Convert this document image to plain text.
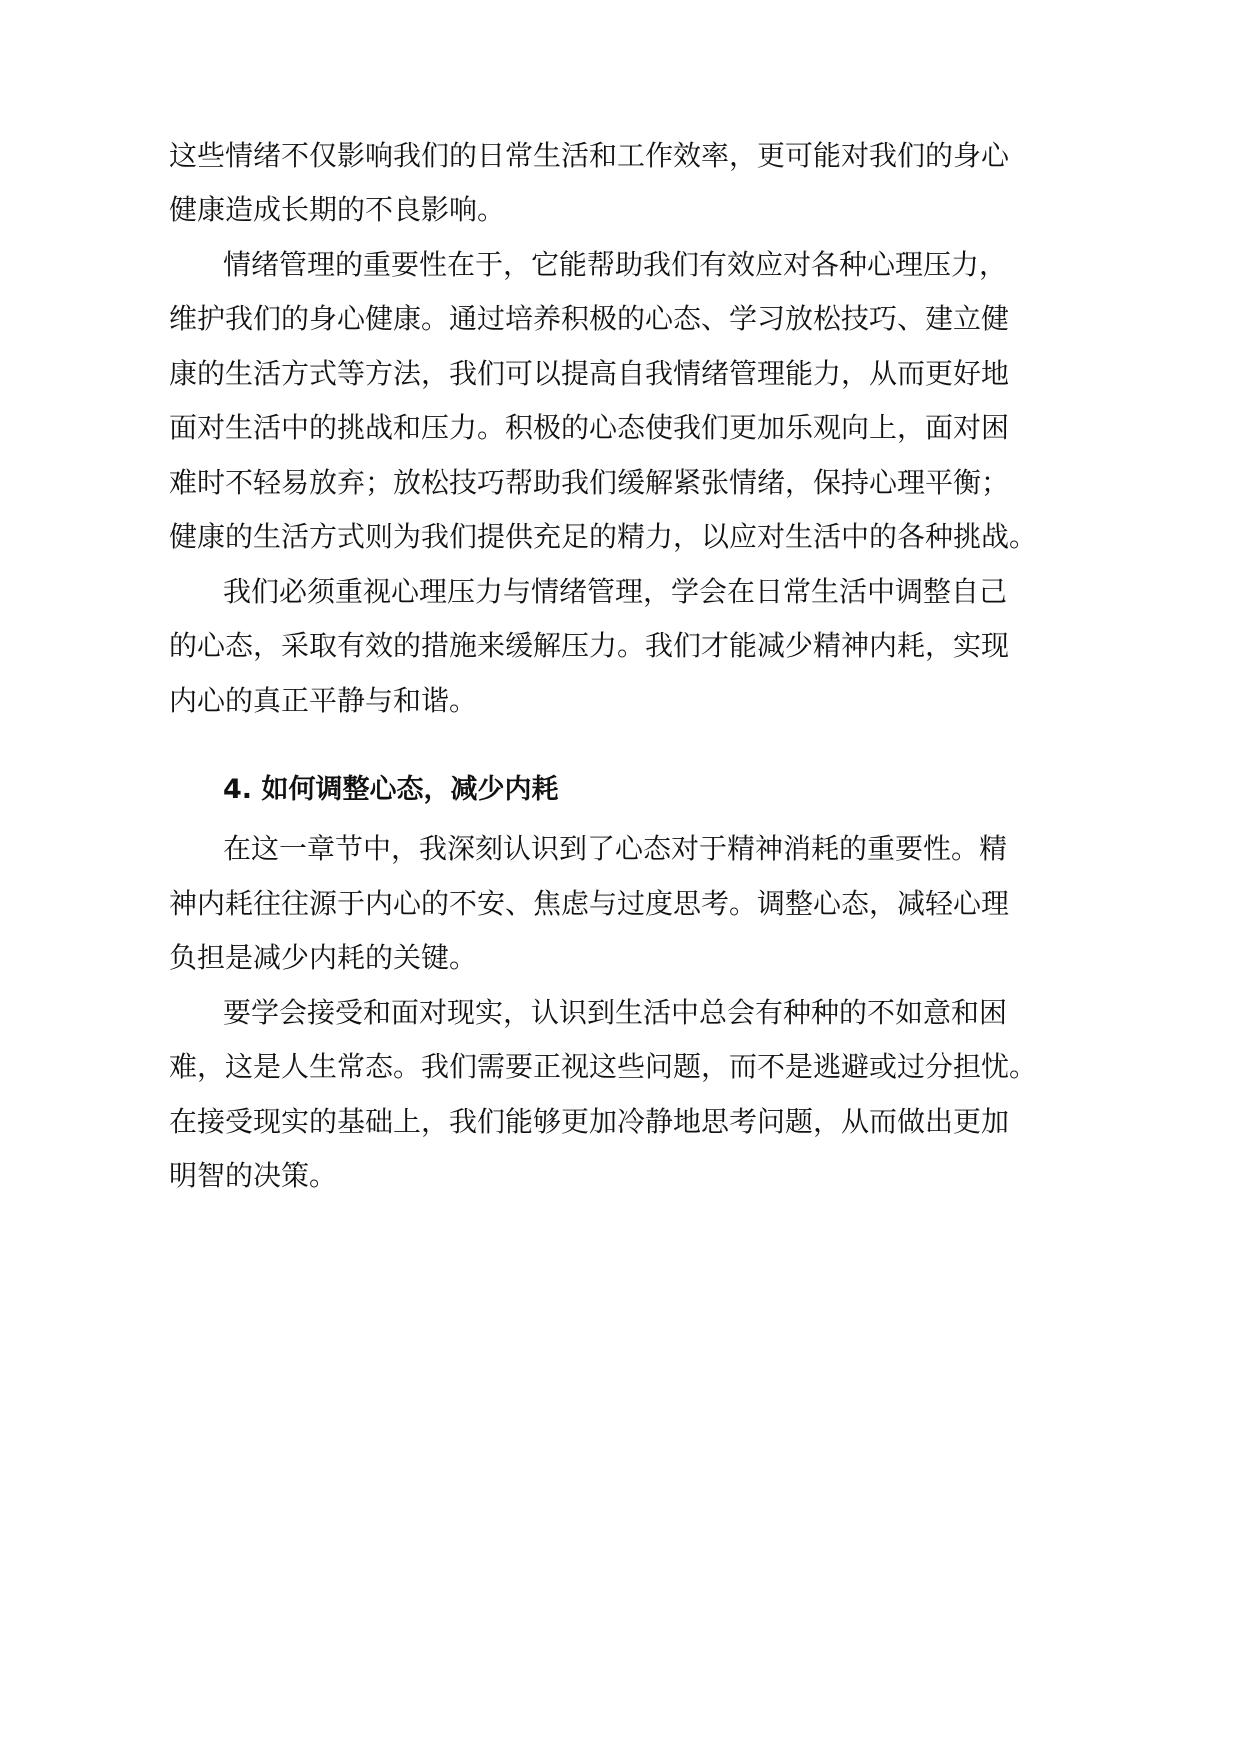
这些情绪不仅影响我们的日常生活和工作效率，更可能对我们的身心
健康造成长期的不良影响。
情绪管理的重要性在于，它能帮助我们有效应对各种心理压力，
维护我们的身心健康。通过培养积极的心态、学习放松技巧、建立健
康的生活方式等方法，我们可以提高自我情绪管理能力，从而更好地
面对生活中的挑战和压力。积极的心态使我们更加乐观向上，面对困
难时不轻易放弃；放松技巧帮助我们缓解紧张情绪，保持心理平衡；
健康的生活方式则为我们提供充足的精力，以应对生活中的各种挑战。
我们必须重视心理压力与情绪管理，学会在日常生活中调整自己
的心态，采取有效的措施来缓解压力。我们才能减少精神内耗，实现
内心的真正平静与和谐。
4. 如何调整心态，减少内耗
在这一章节中，我深刻认识到了心态对于精神消耗的重要性。精
神内耗往往源于内心的不安、焦虑与过度思考。调整心态，减轻心理
负担是减少内耗的关键。
要学会接受和面对现实，认识到生活中总会有种种的不如意和困
难，这是人生常态。我们需要正视这些问题，而不是逃避或过分担忧。
在接受现实的基础上，我们能够更加冷静地思考问题，从而做出更加
明智的决策。
